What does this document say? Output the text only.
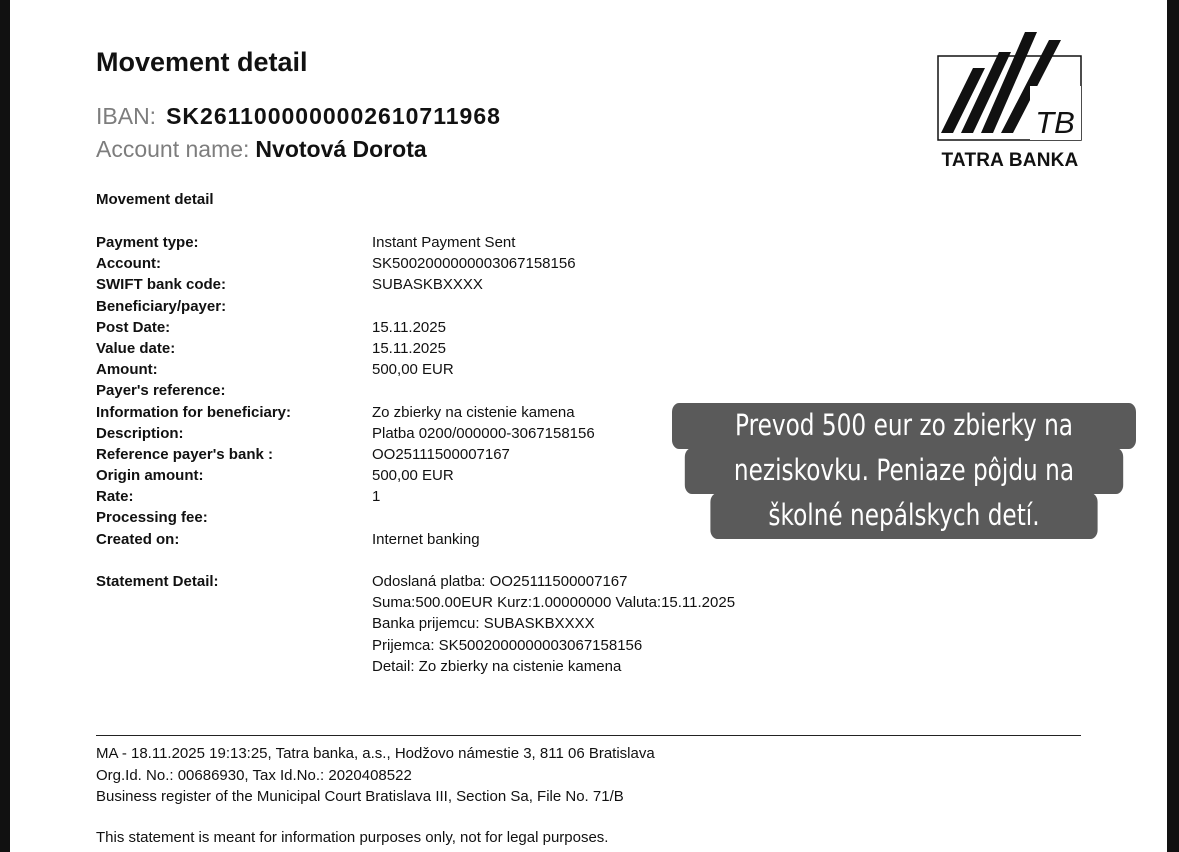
Movement detail
IBAN: SK2611000000002610711968
Account name: Nvotová Dorota
TB
TATRA BANKA
Movement detail
Payment type:	Instant Payment Sent
Account:	SK5002000000003067158156
SWIFT bank code:	SUBASKBXXXX
Beneficiary/payer:
Post Date:	15.11.2025
Value date:	15.11.2025
Amount:	500,00 EUR
Payer's reference:
Information for beneficiary:	Zo zbierky na cistenie kamena
Description:	Platba 0200/000000-3067158156
Reference payer's bank :	OO25111500007167
Origin amount:	500,00 EUR
Rate:	1
Processing fee:
Created on:	Internet banking
Statement Detail:	Odoslaná platba: OO25111500007167
Suma:500.00EUR Kurz:1.00000000 Valuta:15.11.2025
Banka prijemcu: SUBASKBXXXX
Prijemca: SK5002000000003067158156
Detail: Zo zbierky na cistenie kamena
MA - 18.11.2025 19:13:25, Tatra banka, a.s., Hodžovo námestie 3, 811 06 Bratislava
Org.Id. No.: 00686930, Tax Id.No.: 2020408522
Business register of the Municipal Court Bratislava III, Section Sa, File No. 71/B
This statement is meant for information purposes only, not for legal purposes.
Prevod 500 eur zo zbierky na
neziskovku. Peniaze pôjdu na
školné nepálskych detí.
